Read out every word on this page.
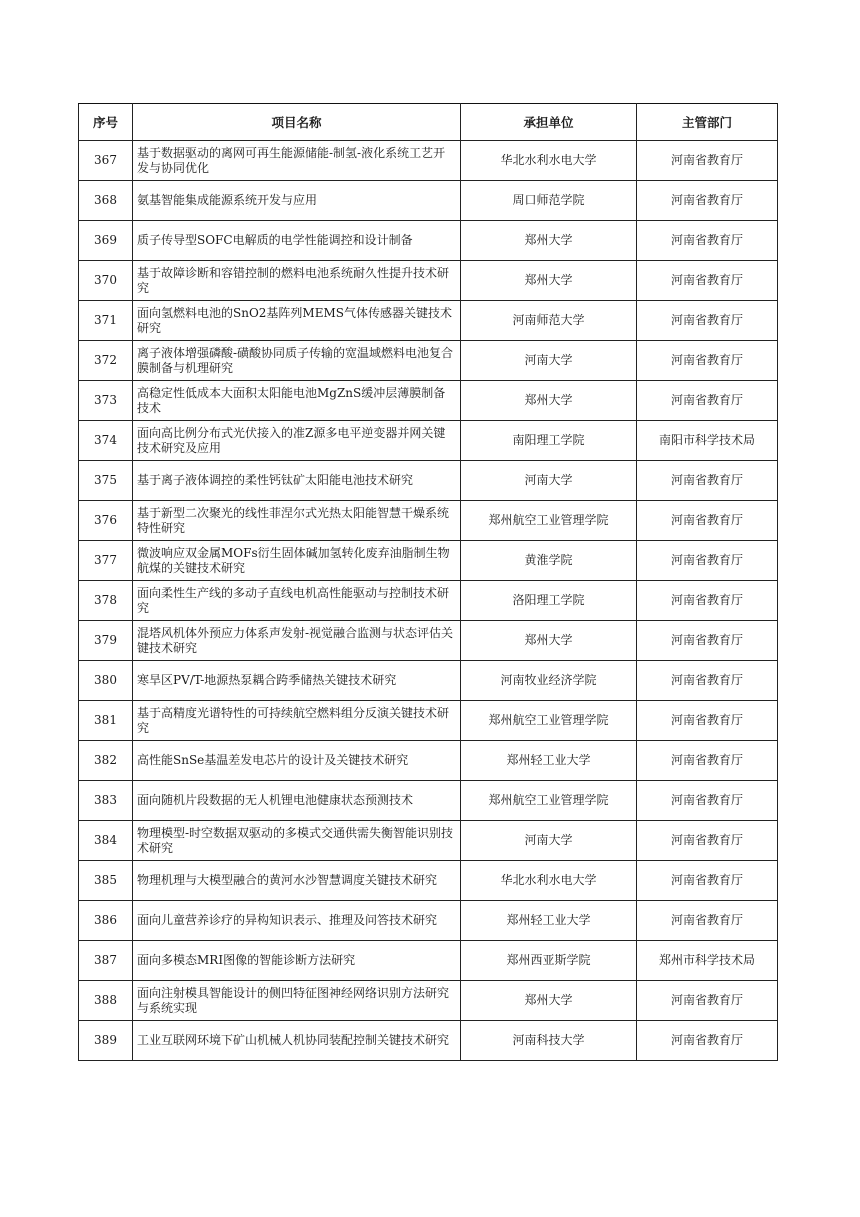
序号	项目名称	承担单位	主管部门
367	基于数据驱动的离网可再生能源储能-制氢-液化系统工艺开发与协同优化	华北水利水电大学	河南省教育厅
368	氨基智能集成能源系统开发与应用	周口师范学院	河南省教育厅
369	质子传导型SOFC电解质的电学性能调控和设计制备	郑州大学	河南省教育厅
370	基于故障诊断和容错控制的燃料电池系统耐久性提升技术研究	郑州大学	河南省教育厅
371	面向氢燃料电池的SnO2基阵列MEMS气体传感器关键技术研究	河南师范大学	河南省教育厅
372	离子液体增强磷酸-磺酸协同质子传输的宽温域燃料电池复合膜制备与机理研究	河南大学	河南省教育厅
373	高稳定性低成本大面积太阳能电池MgZnS缓冲层薄膜制备技术	郑州大学	河南省教育厅
374	面向高比例分布式光伏接入的准Z源多电平逆变器并网关键技术研究及应用	南阳理工学院	南阳市科学技术局
375	基于离子液体调控的柔性钙钛矿太阳能电池技术研究	河南大学	河南省教育厅
376	基于新型二次聚光的线性菲涅尔式光热太阳能智慧干燥系统特性研究	郑州航空工业管理学院	河南省教育厅
377	微波响应双金属MOFs衍生固体碱加氢转化废弃油脂制生物航煤的关键技术研究	黄淮学院	河南省教育厅
378	面向柔性生产线的多动子直线电机高性能驱动与控制技术研究	洛阳理工学院	河南省教育厅
379	混塔风机体外预应力体系声发射-视觉融合监测与状态评估关键技术研究	郑州大学	河南省教育厅
380	寒旱区PV/T-地源热泵耦合跨季储热关键技术研究	河南牧业经济学院	河南省教育厅
381	基于高精度光谱特性的可持续航空燃料组分反演关键技术研究	郑州航空工业管理学院	河南省教育厅
382	高性能SnSe基温差发电芯片的设计及关键技术研究	郑州轻工业大学	河南省教育厅
383	面向随机片段数据的无人机锂电池健康状态预测技术	郑州航空工业管理学院	河南省教育厅
384	物理模型-时空数据双驱动的多模式交通供需失衡智能识别技术研究	河南大学	河南省教育厅
385	物理机理与大模型融合的黄河水沙智慧调度关键技术研究	华北水利水电大学	河南省教育厅
386	面向儿童营养诊疗的异构知识表示、推理及问答技术研究	郑州轻工业大学	河南省教育厅
387	面向多模态MRI图像的智能诊断方法研究	郑州西亚斯学院	郑州市科学技术局
388	面向注射模具智能设计的侧凹特征图神经网络识别方法研究与系统实现	郑州大学	河南省教育厅
389	工业互联网环境下矿山机械人机协同装配控制关键技术研究	河南科技大学	河南省教育厅
